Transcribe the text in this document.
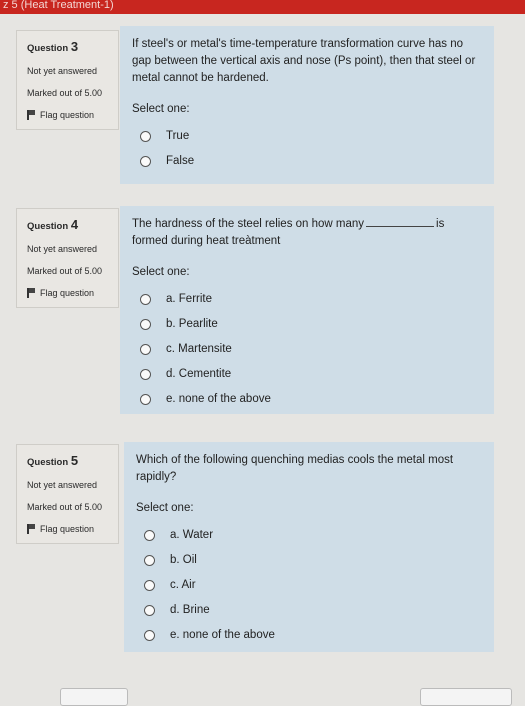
z 5 (Heat Treatment-1)
Question 3
Not yet answered
Marked out of 5.00
Flag question
If steel's or metal's time-temperature transformation curve has no gap between the vertical axis and nose (Ps point), then that steel or metal cannot be hardened.
Select one:
True
False
Question 4
Not yet answered
Marked out of 5.00
Flag question
The hardness of the steel relies on how many	is
formed during heat treàtment
Select one:
a. Ferrite
b. Pearlite
c. Martensite
d. Cementite
e. none of the above
Question 5
Not yet answered
Marked out of 5.00
Flag question
Which of the following quenching medias cools the metal most rapidly?
Select one:
a. Water
b. Oil
c. Air
d. Brine
e. none of the above
